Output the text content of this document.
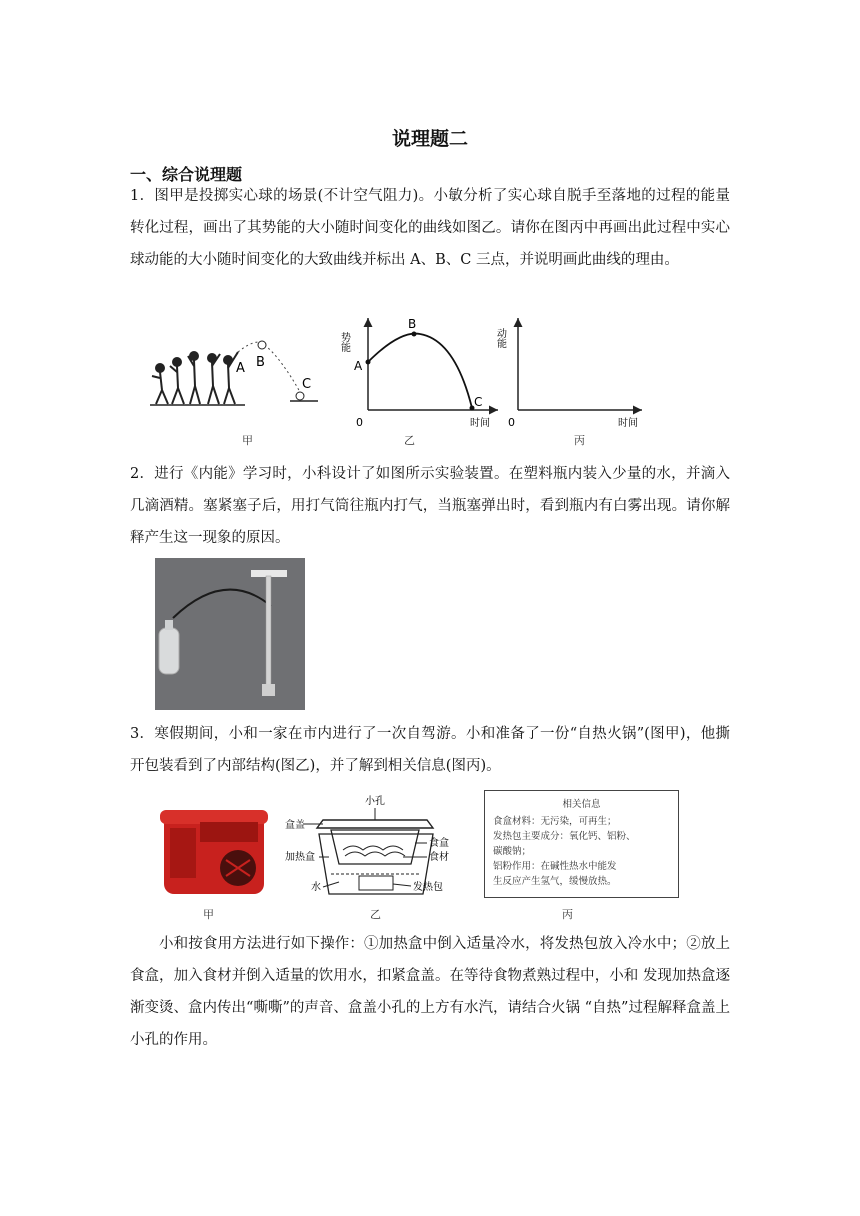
说理题二
一、综合说理题
1．图甲是投掷实心球的场景(不计空气阻力)。小敏分析了实心球自脱手至落地的过程的能量转化过程，画出了其势能的大小随时间变化的曲线如图乙。请你在图丙中再画出此过程中实心球动能的大小随时间变化的大致曲线并标出 A、B、C 三点，并说明画此曲线的理由。
A B
C
甲
势能
A
B
C
0	时间
乙
动能
0	时间
丙
2．进行《内能》学习时，小科设计了如图所示实验装置。在塑料瓶内装入少量的水，并滴入几滴酒精。塞紧塞子后，用打气筒往瓶内打气，当瓶塞弹出时，看到瓶内有白雾出现。请你解释产生这一现象的原因。
3．寒假期间，小和一家在市内进行了一次自驾游。小和准备了一份“自热火锅”(图甲)，他撕开包装看到了内部结构(图乙)，并了解到相关信息(图丙)。
甲
小孔
盒盖
加热盒
水
食盒
食材
发热包
乙
相关信息
食盒材料：无污染，可再生；
发热包主要成分：氧化钙、铝粉、
碳酸钠；
铝粉作用：在碱性热水中能发
生反应产生氢气，缓慢放热。
丙
小和按食用方法进行如下操作：①加热盒中倒入适量冷水，将发热包放入冷水中；②放上食盒，加入食材并倒入适量的饮用水，扣紧盒盖。在等待食物煮熟过程中，小和 发现加热盒逐渐变烫、盒内传出“嘶嘶”的声音、盒盖小孔的上方有水汽，请结合火锅 “自热”过程解释盒盖上小孔的作用。
